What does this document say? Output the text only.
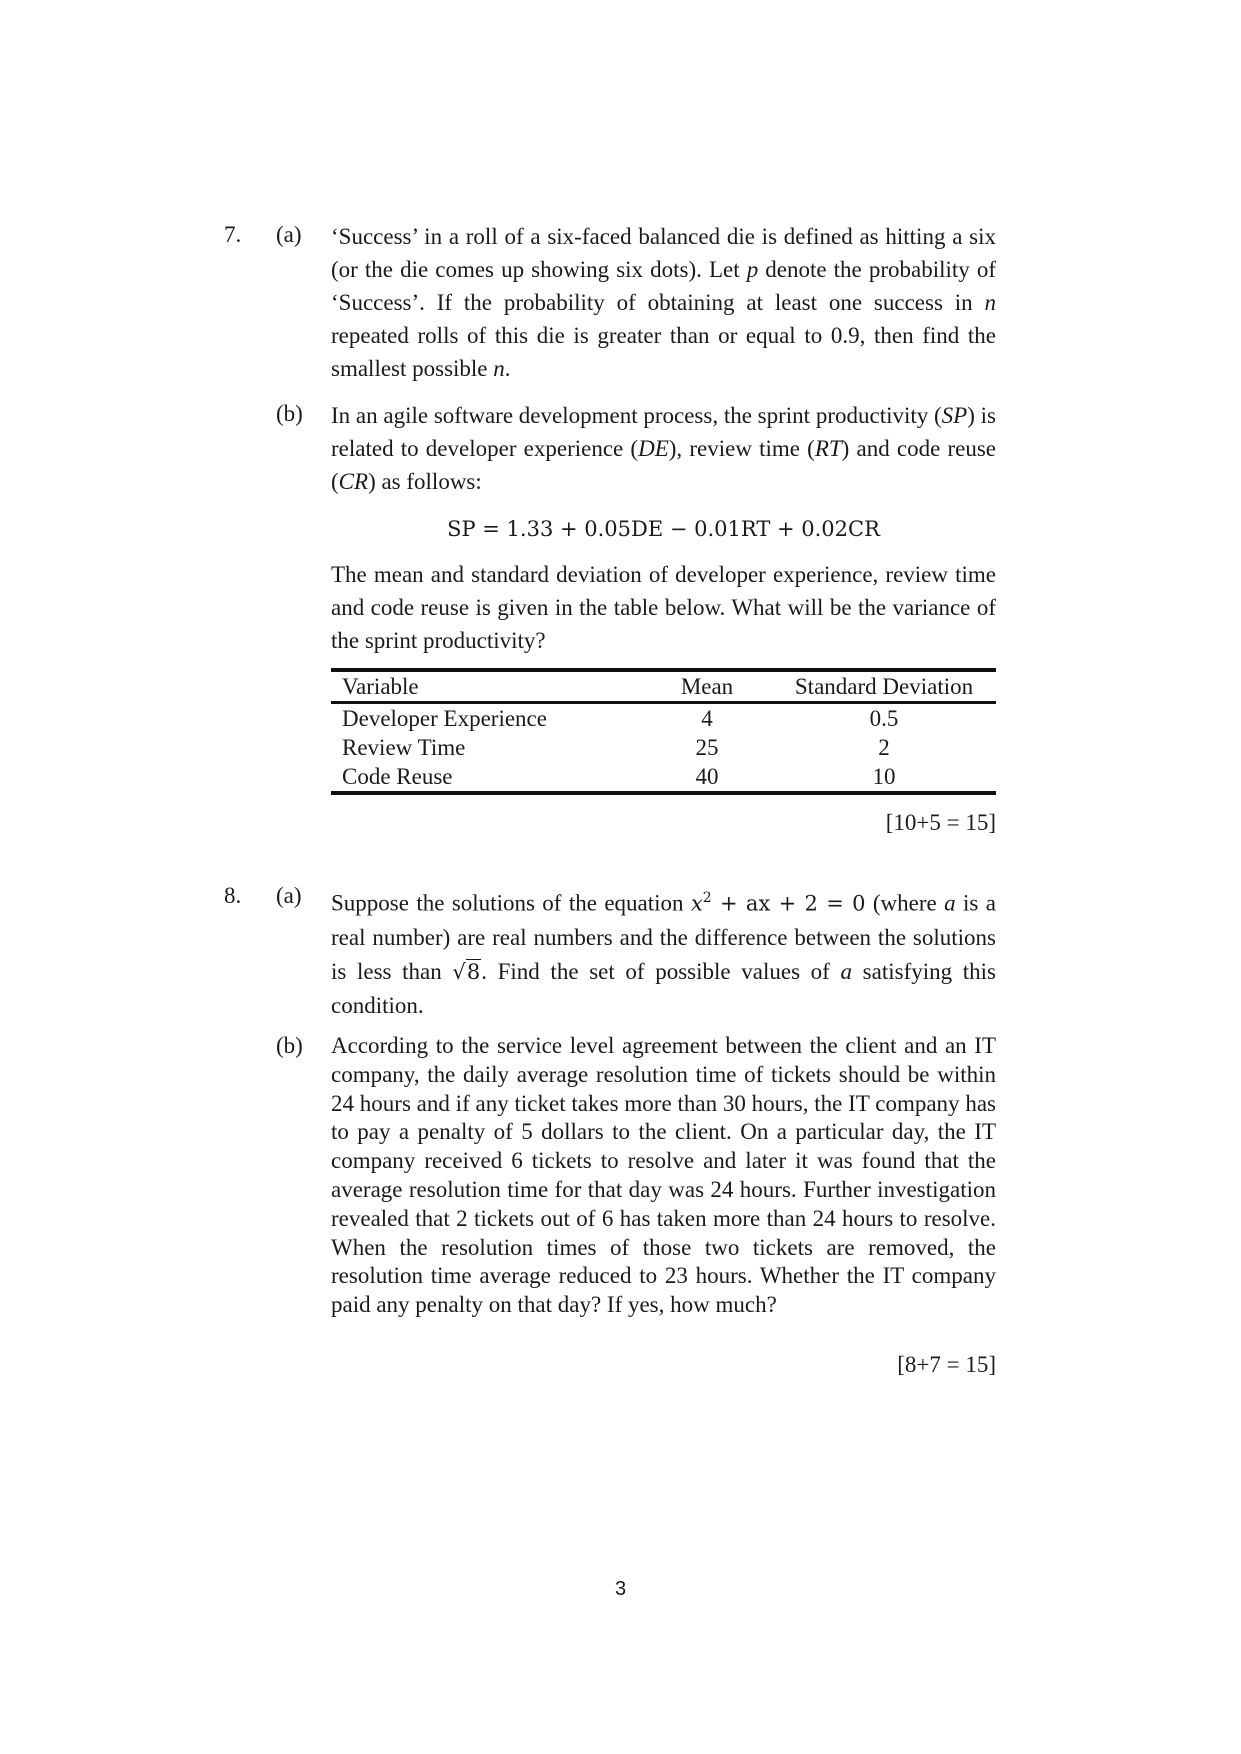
7.	(a)	‘Success’ in a roll of a six-faced balanced die is defined as hitting a six (or the die comes up showing six dots). Let p denote the probability of ‘Success’. If the probability of obtaining at least one success in n repeated rolls of this die is greater than or equal to 0.9, then find the smallest possible n.
(b)	In an agile software development process, the sprint productivity (SP) is related to developer experience (DE), review time (RT) and code reuse (CR) as follows:
SP = 1.33 + 0.05DE − 0.01RT + 0.02CR
The mean and standard deviation of developer experience, review time and code reuse is given in the table below. What will be the variance of the sprint productivity?
Variable	Mean	Standard Deviation
Developer Experience	4	0.5
Review Time	25	2
Code Reuse	40	10
[10+5 = 15]
8.	(a)	Suppose the solutions of the equation $x^2$ + ax + 2 = 0 (where a is a real number) are real numbers and the difference between the solutions is less than √8. Find the set of possible values of a satisfying this condition.
(b)	According to the service level agreement between the client and an IT company, the daily average resolution time of tickets should be within 24 hours and if any ticket takes more than 30 hours, the IT company has to pay a penalty of 5 dollars to the client. On a particular day, the IT company received 6 tickets to resolve and later it was found that the average resolution time for that day was 24 hours. Further investigation revealed that 2 tickets out of 6 has taken more than 24 hours to resolve. When the resolution times of those two tickets are removed, the resolution time average reduced to 23 hours. Whether the IT company paid any penalty on that day? If yes, how much?
[8+7 = 15]
3
